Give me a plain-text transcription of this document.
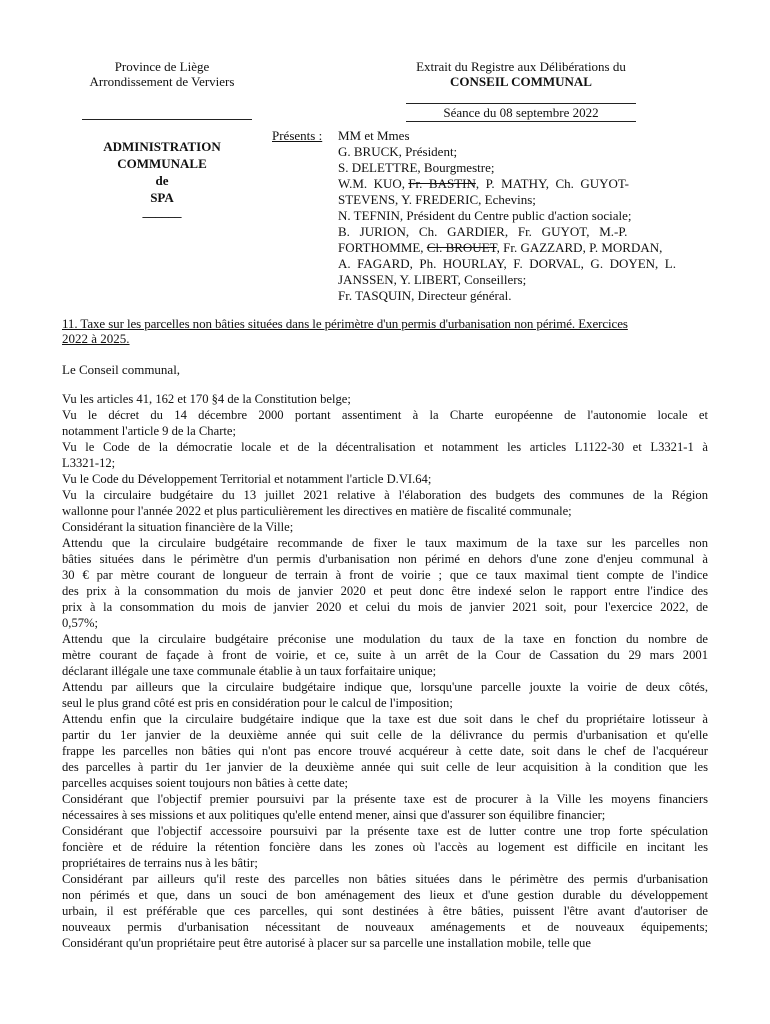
Province de Liège
Arrondissement de Verviers
Extrait du Registre aux Délibérations du
CONSEIL COMMUNAL
Séance du 08 septembre 2022
ADMINISTRATION
COMMUNALE
de
SPA
______
Présents : MM et Mmes
G. BRUCK, Président;
S. DELETTRE, Bourgmestre;
W.M.  KUO, Fr.  BASTIN,  P.  MATHY,  Ch.  GUYOT-
STEVENS, Y. FREDERIC, Echevins;
N. TEFNIN, Président du Centre public d'action sociale;
B.   JURION,   Ch.   GARDIER,   Fr.   GUYOT,   M.-P.
FORTHOMME, Cl. BROUET, Fr. GAZZARD, P. MORDAN,
A.  FAGARD,  Ph.  HOURLAY,  F.  DORVAL,  G.  DOYEN,  L.
JANSSEN, Y. LIBERT, Conseillers;
Fr. TASQUIN, Directeur général.
11. Taxe sur les parcelles non bâties situées dans le périmètre d'un permis d'urbanisation non périmé. Exercices
2022 à 2025.
Le Conseil communal,
Vu les articles 41, 162 et 170 §4 de la Constitution belge;
Vu le décret du 14 décembre 2000 portant assentiment à la Charte européenne de l'autonomie locale et
notamment l'article 9 de la Charte;
Vu le Code de la démocratie locale et de la décentralisation et notamment les articles L1122-30 et L3321-1 à
L3321-12;
Vu le Code du Développement Territorial et notamment l'article D.VI.64;
Vu la circulaire budgétaire du 13 juillet 2021 relative à l'élaboration des budgets des communes de la Région
wallonne pour l'année 2022 et plus particulièrement les directives en matière de fiscalité communale;
Considérant la situation financière de la Ville;
Attendu que la circulaire budgétaire recommande de fixer le taux maximum de la taxe sur les parcelles non
bâties situées dans le périmètre d'un permis d'urbanisation non périmé en dehors d'une zone d'enjeu communal à
30 € par mètre courant de longueur de terrain à front de voirie ; que ce taux maximal tient compte de l'indice
des prix à la consommation du mois de janvier 2020 et peut donc être indexé selon le rapport entre l'indice des
prix à la consommation du mois de janvier 2020 et celui du mois de janvier 2021 soit, pour l'exercice 2022, de
0,57%;
Attendu que la circulaire budgétaire préconise une modulation du taux de la taxe en fonction du nombre de
mètre courant de façade à front de voirie, et ce, suite à un arrêt de la Cour de Cassation du 29 mars 2001
déclarant illégale une taxe communale établie à un taux forfaitaire unique;
Attendu par ailleurs que la circulaire budgétaire indique que, lorsqu'une parcelle jouxte la voirie de deux côtés,
seul le plus grand côté est pris en considération pour le calcul de l'imposition;
Attendu enfin que la circulaire budgétaire indique que la taxe est due soit dans le chef du propriétaire lotisseur à
partir du 1er janvier de la deuxième année qui suit celle de la délivrance du permis d'urbanisation et qu'elle
frappe les parcelles non bâties qui n'ont pas encore trouvé acquéreur à cette date, soit dans le chef de l'acquéreur
des parcelles à partir du 1er janvier de la deuxième année qui suit celle de leur acquisition à la condition que les
parcelles acquises soient toujours non bâties à cette date;
Considérant que l'objectif premier poursuivi par la présente taxe est de procurer à la Ville les moyens financiers
nécessaires à ses missions et aux politiques qu'elle entend mener, ainsi que d'assurer son équilibre financier;
Considérant que l'objectif accessoire poursuivi par la présente taxe est de lutter contre une trop forte spéculation
foncière et de réduire la rétention foncière dans les zones où l'accès au logement est difficile en incitant les
propriétaires de terrains nus à les bâtir;
Considérant par ailleurs qu'il reste des parcelles non bâties situées dans le périmètre des permis d'urbanisation
non périmés et que, dans un souci de bon aménagement des lieux et d'une gestion durable du développement
urbain, il est préférable que ces parcelles, qui sont destinées à être bâties, puissent l'être avant d'autoriser de
nouveaux permis d'urbanisation nécessitant de nouveaux aménagements et de nouveaux équipements;
Considérant qu'un propriétaire peut être autorisé à placer sur sa parcelle une installation mobile, telle que
